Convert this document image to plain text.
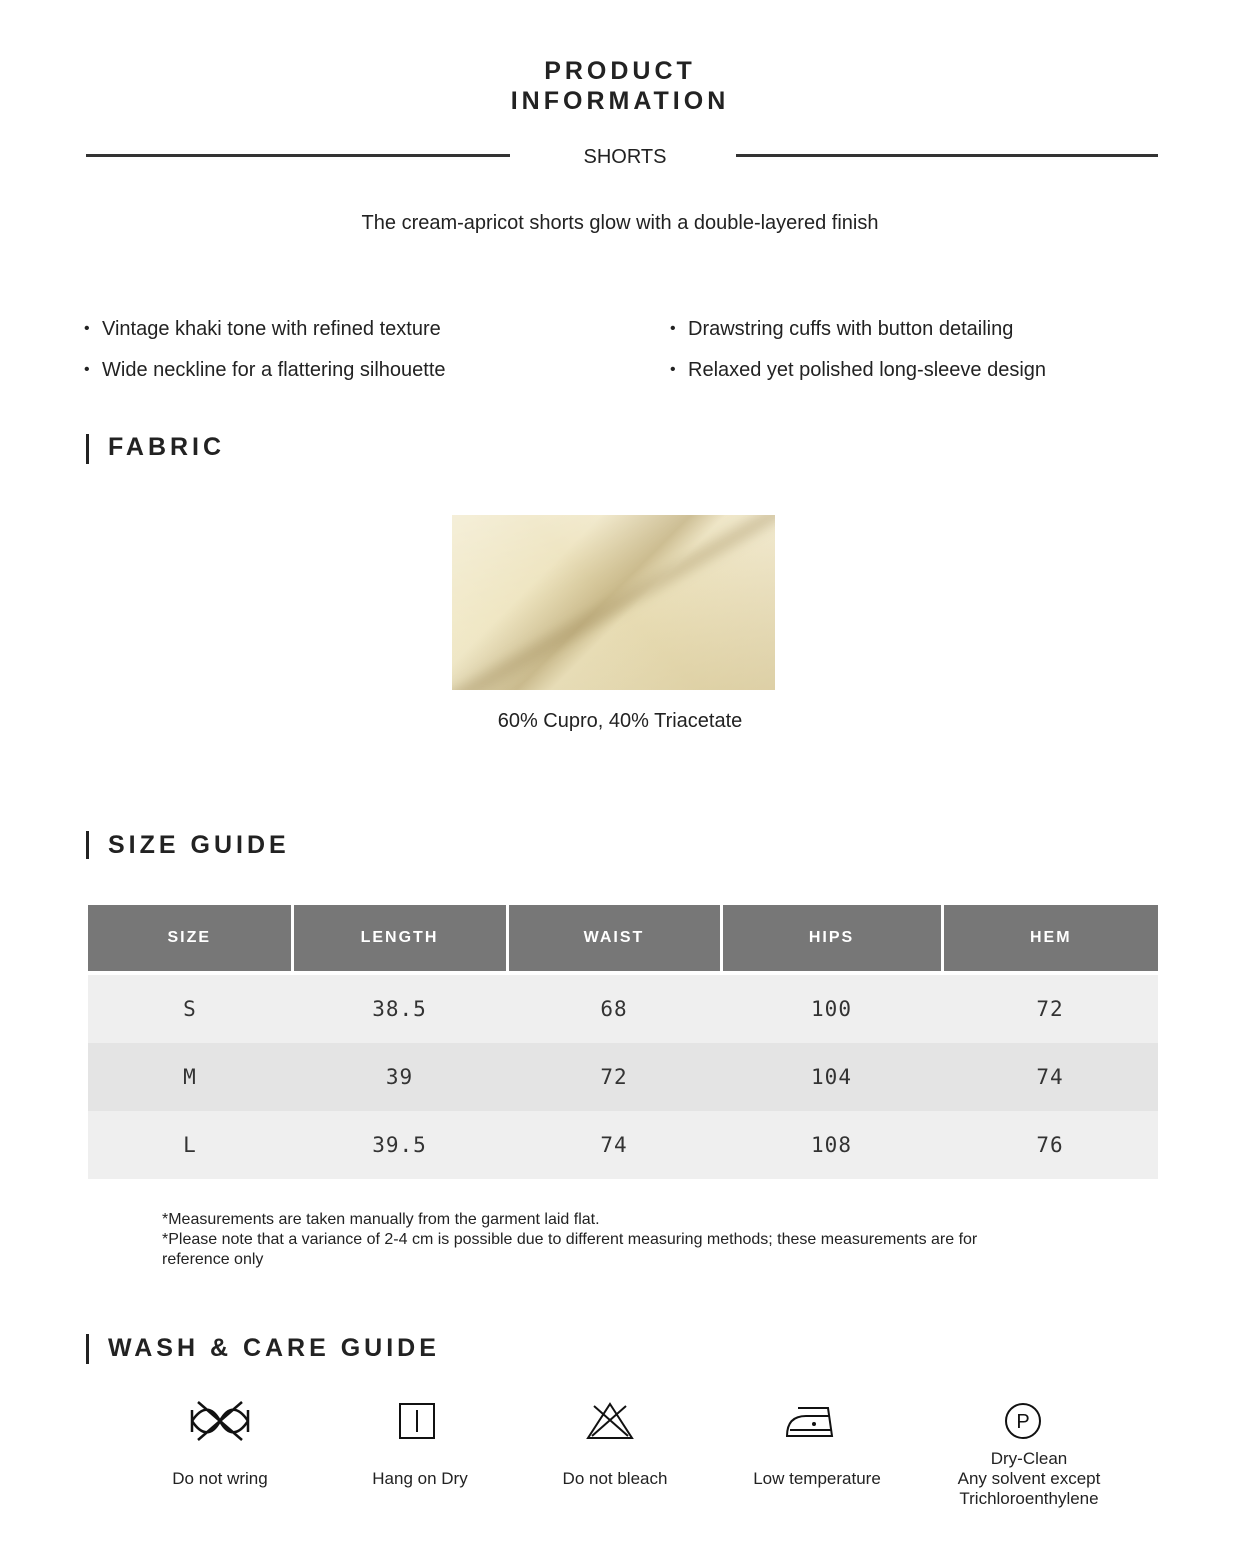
PRODUCT
INFORMATION
SHORTS
The cream-apricot shorts glow with a double-layered finish
• Vintage khaki tone with refined texture
• Wide neckline for a flattering silhouette
• Drawstring cuffs with button detailing
• Relaxed yet polished long-sleeve design
FABRIC
60% Cupro, 40% Triacetate
SIZE GUIDE
SIZE	LENGTH	WAIST	HIPS	HEM

S	38.5	68	100	72
M	39	72	104	74
L	39.5	74	108	76
*Measurements are taken manually from the garment laid flat.
*Please note that a variance of 2-4 cm is possible due to different measuring methods; these measurements are for reference only
WASH & CARE GUIDE
Do not wring	Hang on Dry	Do not bleach	Low temperature
P
Dry-Clean
Any solvent except
Trichloroenthylene
